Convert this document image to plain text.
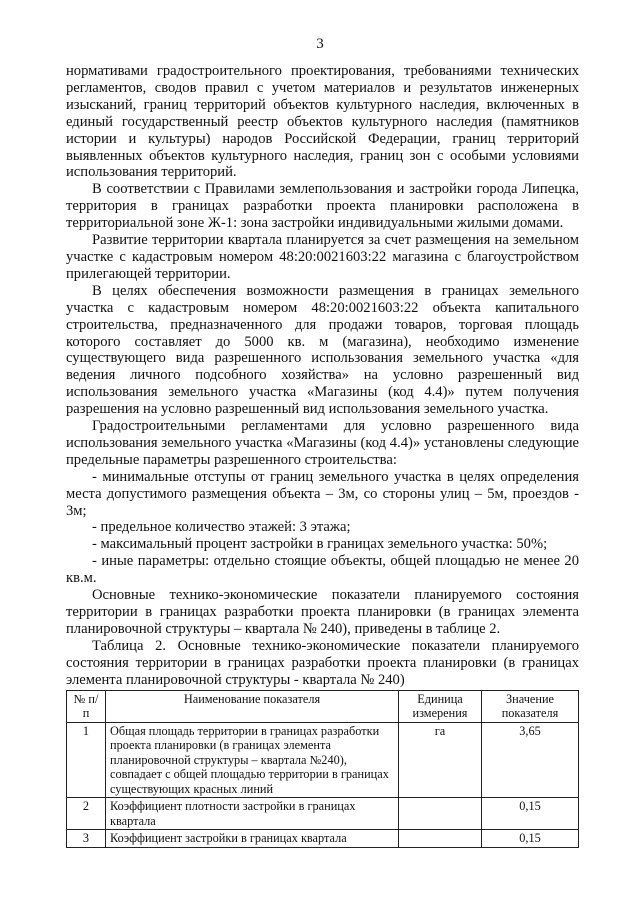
3

нормативами градостроительного проектирования, требованиями технических регламентов, сводов правил с учетом материалов и результатов инженерных изысканий, границ территорий объектов культурного наследия, включенных в единый государственный реестр объектов культурного наследия (памятников истории и культуры) народов Российской Федерации, границ территорий выявленных объектов культурного наследия, границ зон с особыми условиями использования территорий.

В соответствии с Правилами землепользования и застройки города Липецка, территория в границах разработки проекта планировки расположена в территориальной зоне Ж-1: зона застройки индивидуальными жилыми домами.

Развитие территории квартала планируется за счет размещения на земельном участке с кадастровым номером 48:20:0021603:22 магазина с благоустройством прилегающей территории.

В целях обеспечения возможности размещения в границах земельного участка с кадастровым номером 48:20:0021603:22 объекта капитального строительства, предназначенного для продажи товаров, торговая площадь которого составляет до 5000 кв. м (магазина), необходимо изменение существующего вида разрешенного использования земельного участка «для ведения личного подсобного хозяйства» на условно разрешенный вид использования земельного участка «Магазины (код 4.4)» путем получения разрешения на условно разрешенный вид использования земельного участка.

Градостроительными регламентами для условно разрешенного вида использования земельного участка «Магазины (код 4.4)» установлены следующие предельные параметры разрешенного строительства:

- минимальные отступы от границ земельного участка в целях определения места допустимого размещения объекта – 3м, со стороны улиц – 5м, проездов - 3м;

- предельное количество этажей: 3 этажа;

- максимальный процент застройки в границах земельного участка: 50%;

- иные параметры: отдельно стоящие объекты, общей площадью не менее 20 кв.м.

Основные технико-экономические показатели планируемого состояния территории в границах разработки проекта планировки (в границах элемента планировочной структуры – квартала № 240), приведены в таблице 2.

Таблица 2. Основные технико-экономические показатели планируемого состояния территории в границах разработки проекта планировки (в границах элемента планировочной структуры - квартала № 240)

№ п/п	Наименование показателя	Единица измерения	Значение показателя
1	Общая площадь территории в границах разработки проекта планировки (в границах элемента планировочной структуры – квартала №240), совпадает с общей площадью территории в границах существующих красных линий	га	3,65
2	Коэффициент плотности застройки в границах квартала		0,15
3	Коэффициент застройки в границах квартала		0,15
